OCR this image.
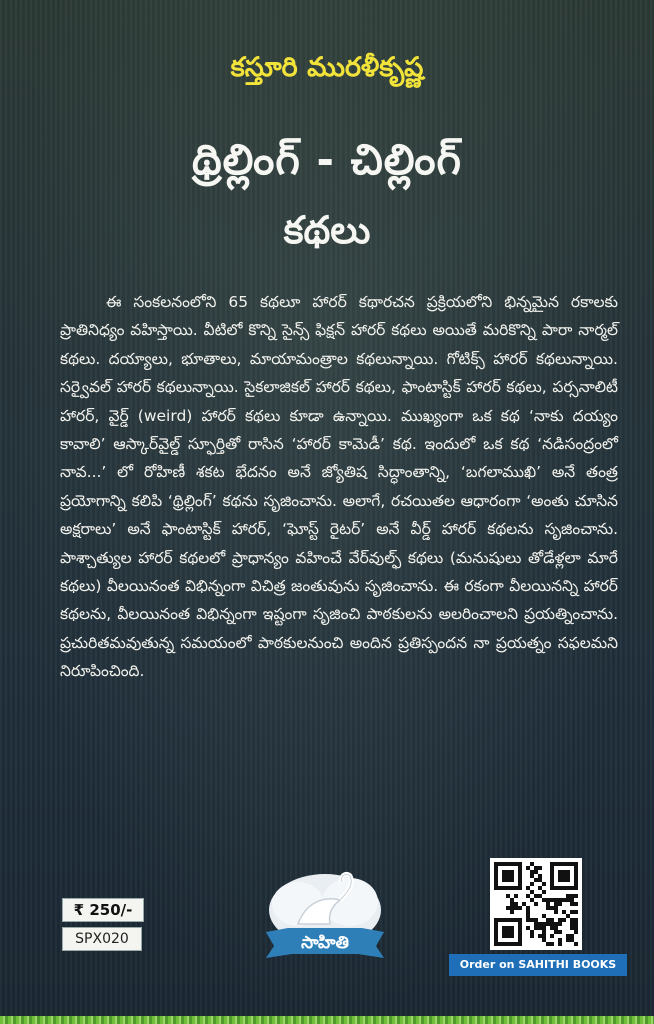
కస్తూరి మురళీకృష్ణ
థ్రిల్లింగ్ - చిల్లింగ్
కథలు

ఈ సంకలనంలోని 65 కథలూ హారర్ కథారచన ప్రక్రియలోని భిన్నమైన రకాలకు ప్రాతినిధ్యం వహిస్తాయి. వీటిలో కొన్ని సైన్స్ ఫిక్షన్ హారర్ కథలు అయితే మరికొన్ని పారా నార్మల్ కథలు. దయ్యాలు, భూతాలు, మాయామంత్రాల కథలున్నాయి. గోటిక్స్ హారర్ కథలున్నాయి. సర్వైవల్ హారర్ కథలున్నాయి. సైకలాజికల్ హారర్ కథలు, ఫాంటాస్టిక్ హారర్ కథలు, పర్సనాలిటీ హారర్, వైర్డ్ (weird) హారర్ కథలు కూడా ఉన్నాయి. ముఖ్యంగా ఒక కథ ‘నాకు దయ్యం కావాలి’ ఆస్కార్‌వైల్డ్ స్ఫూర్తితో రాసిన ‘హారర్ కామెడీ’ కథ. ఇందులో ఒక కథ ‘నడిసంద్రంలో నావ...’ లో రోహిణీ శకట భేదనం అనే జ్యోతిష సిద్ధాంతాన్ని, ‘బగలాముఖి’ అనే తంత్ర ప్రయోగాన్ని కలిపి ‘థ్రిల్లింగ్’ కథను సృజించాను. అలాగే, రచయితల ఆధారంగా ‘అంతు చూసిన అక్షరాలు’ అనే ఫాంటాస్టిక్ హారర్, ‘ఘోస్ట్ రైటర్’ అనే వీర్డ్ హారర్ కథలను సృజించాను. పాశ్చాత్యుల హారర్ కథలలో ప్రాధాన్యం వహించే వేర్‌వుల్ఫ్ కథలు (మనుషులు తోడేళ్లలా మారే కథలు) వీలయినంత విభిన్నంగా విచిత్ర జంతువును సృజించాను. ఈ రకంగా వీలయినన్ని హారర్ కథలను, వీలయినంత విభిన్నంగా ఇష్టంగా సృజించి పాఠకులను అలరించాలని ప్రయత్నించాను. ప్రచురితమవుతున్న సమయంలో పాఠకులనుంచి అందిన ప్రతిస్పందన నా ప్రయత్నం సఫలమని నిరూపించింది.

₹ 250/-
SPX020	సాహితి
Order on SAHITHI BOOKS
